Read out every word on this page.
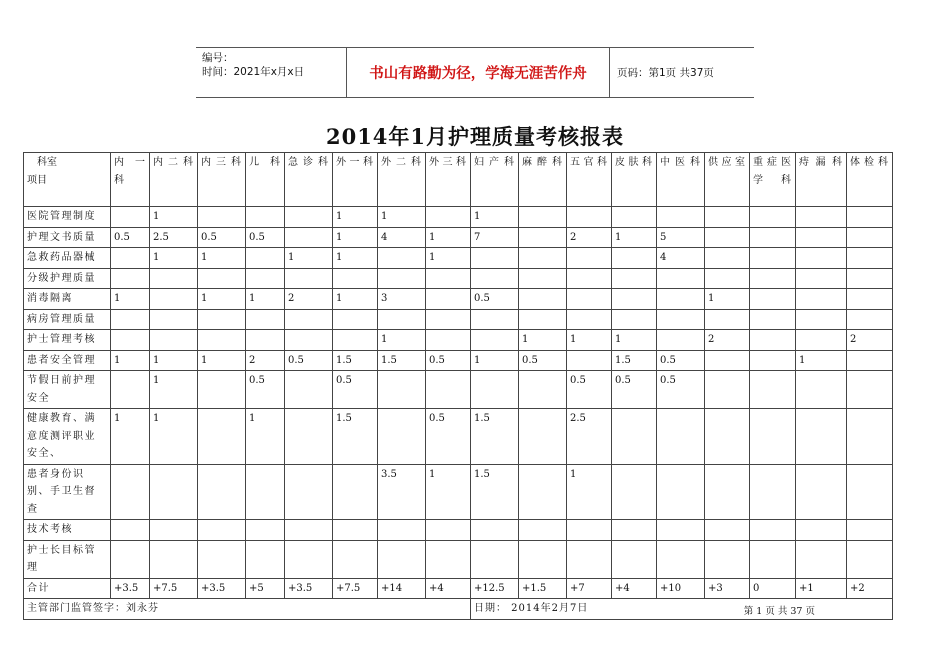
编号：
时间：2021年x月x日	书山有路勤为径，学海无涯苦作舟	页码：第1页 共37页
2014年1月护理质量考核报表
科室
项目	内一科	内二科	内三科	儿科	急诊科	外一科	外二科	外三科	妇产科	麻醉科	五官科	皮肤科	中医科	供应室	重症医学科	痔漏科	体检科
医院管理制度		1				1	1		1								
护理文书质量	0.5	2.5	0.5	0.5		1	4	1	7		2	1	5				
急救药品器械		1	1		1	1		1					4				
分级护理质量																	
消毒隔离	1		1	1	2	1	3		0.5					1			
病房管理质量																	
护士管理考核							1			1	1	1		2			2
患者安全管理	1	1	1	2	0.5	1.5	1.5	0.5	1	0.5		1.5	0.5			1	
节假日前护理安全		1		0.5		0.5					0.5	0.5	0.5				
健康教育、满意度测评职业安全、	1	1		1		1.5		0.5	1.5		2.5						
患者身份识别、手卫生督查							3.5	1	1.5		1						
技术考核																	
护士长目标管理																	
合计	+3.5	+7.5	+3.5	+5	+3.5	+7.5	+14	+4	+12.5	+1.5	+7	+4	+10	+3	0	+1	+2
主管部门监管签字：刘永芬									日期： 2014年2月7日									第 1 页 共 37 页
